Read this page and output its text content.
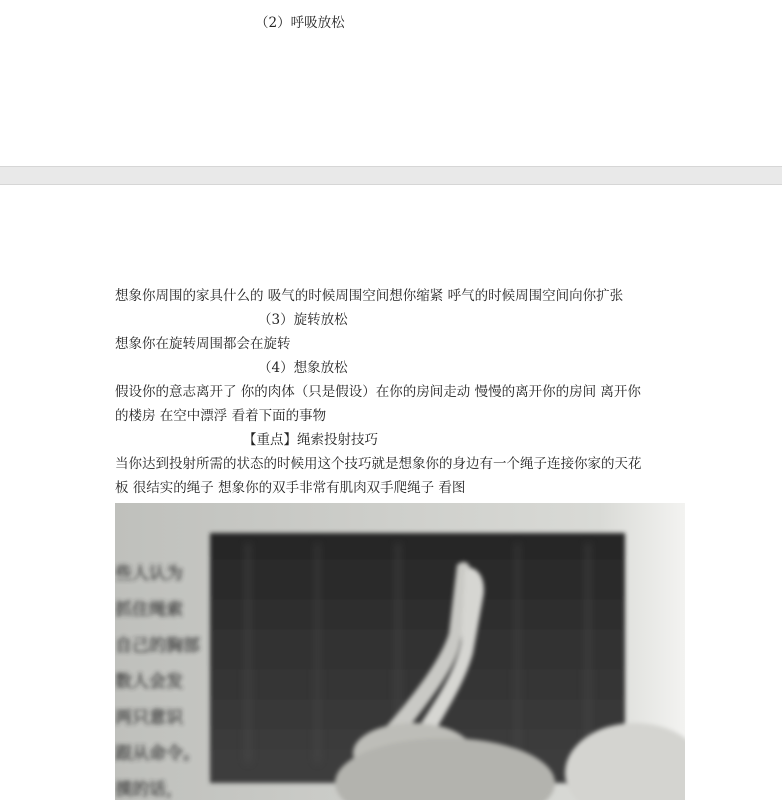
（2）呼吸放松
想象你周围的家具什么的 吸气的时候周围空间想你缩紧 呼气的时候周围空间向你扩张
（3）旋转放松
想象你在旋转周围都会在旋转
（4）想象放松
假设你的意志离开了 你的肉体（只是假设）在你的房间走动 慢慢的离开你的房间 离开你
的楼房 在空中漂浮 看着下面的事物
【重点】绳索投射技巧
当你达到投射所需的状态的时候用这个技巧就是想象你的身边有一个绳子连接你家的天花
板 很结实的绳子 想象你的双手非常有肌肉双手爬绳子 看图
些人认为
抓住绳索
自己的胸部
数人会发
两只意识
跟从命令。
摸的话，
